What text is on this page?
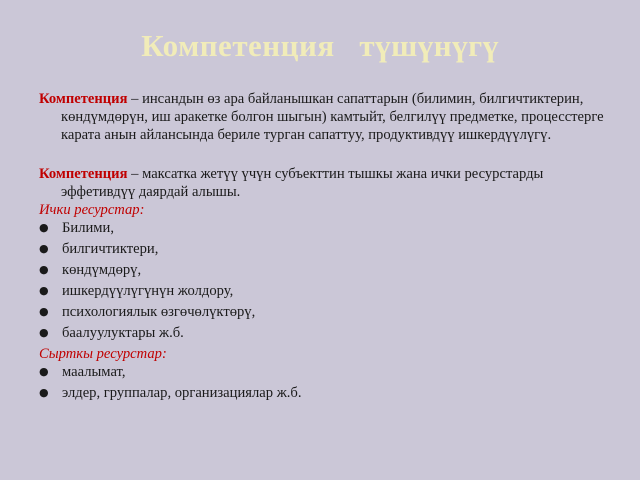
Компетенция   түшүнүгү

Компетенция – инсандын өз ара байланышкан сапаттарын (билимин, билгичтиктерин, көндүмдөрүн, иш аракетке болгон шыгын) камтыйт, белгилүү предметке, процесстерге карата анын айлансында бериле турган сапаттуу, продуктивдүү ишкердүүлүгү.

Компетенция – максатка жетүү үчүн субъекттин тышкы жана ички ресурстарды эффетивдүү даярдай алышы.

Ички ресурстар:

● Билими,
● билгичтиктери,
● көндүмдөрү,
● ишкердүүлүгүнүн жолдору,
● психологиялык өзгөчөлүктөрү,
● баалуулуктары ж.б.

Сырткы ресурстар:

● маалымат,
● элдер, группалар, организациялар ж.б.
